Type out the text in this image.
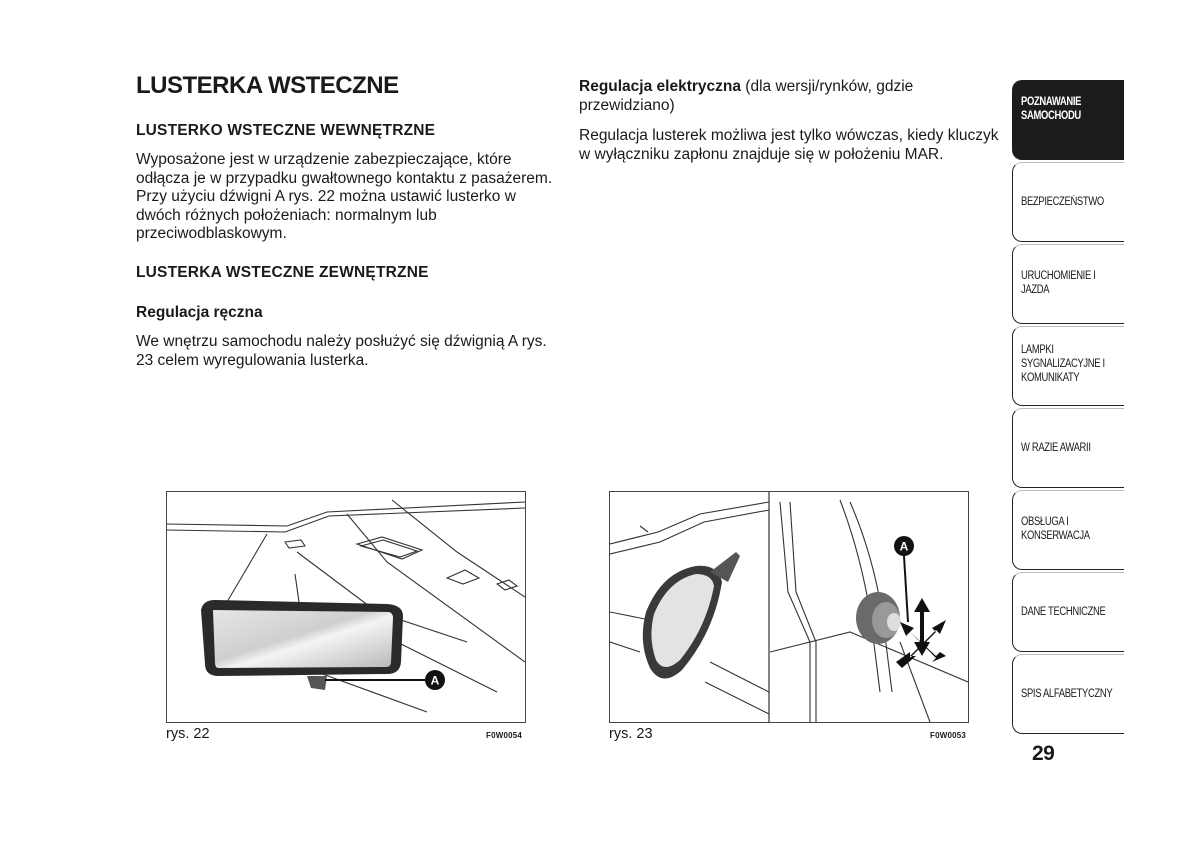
LUSTERKA WSTECZNE
LUSTERKO WSTECZNE WEWNĘTRZNE

Wyposażone jest w urządzenie zabezpieczające, które odłącza je w przypadku gwałtownego kontaktu z pasażerem. Przy użyciu dźwigni A rys. 22 można ustawić lusterko w dwóch różnych położeniach: normalnym lub przeciwodblaskowym.

LUSTERKA WSTECZNE ZEWNĘTRZNE
Regulacja ręczna

We wnętrzu samochodu należy posłużyć się dźwignią A rys. 23 celem wyregulowania lusterka.

Regulacja elektryczna (dla wersji/rynków, gdzie przewidziano)

Regulacja lusterek możliwa jest tylko wówczas, kiedy kluczyk w wyłączniku zapłonu znajduje się w położeniu MAR.

A
rys. 22	F0W0054
A
rys. 23	F0W0053
POZNAWANIE SAMOCHODU
BEZPIECZEŃSTWO
URUCHOMIENIE I JAZDA
LAMPKI SYGNALIZACYJNE I KOMUNIKATY
W RAZIE AWARII
OBSŁUGA I KONSERWACJA
DANE TECHNICZNE
SPIS ALFABETYCZNY
29
